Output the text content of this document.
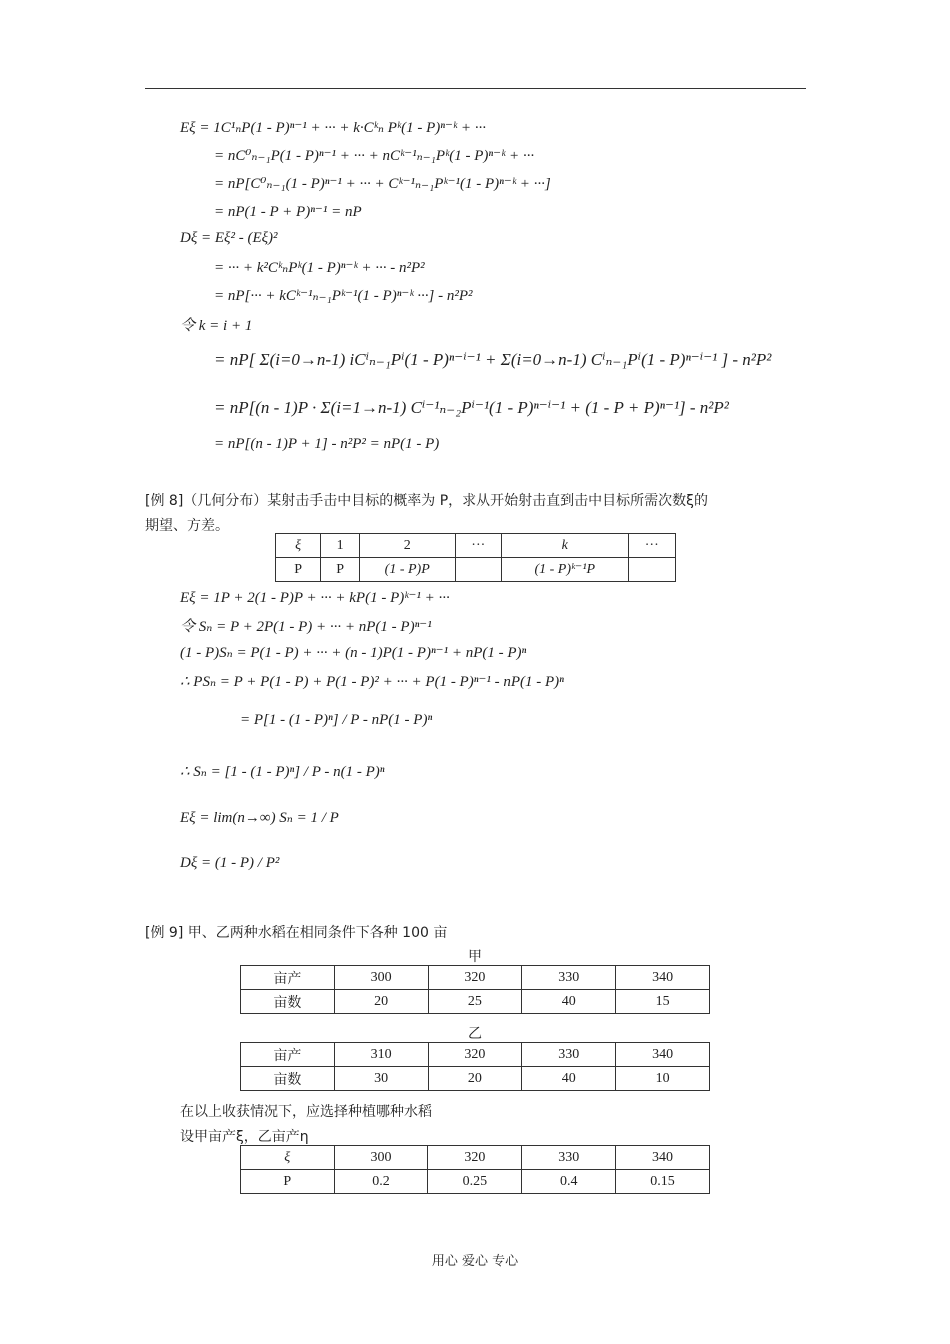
Eξ = 1C¹ₙP(1 - P)ⁿ⁻¹ + ··· + k·Cᵏₙ Pᵏ(1 - P)ⁿ⁻ᵏ + ···
= nC⁰ₙ₋₁P(1 - P)ⁿ⁻¹ + ··· + nCᵏ⁻¹ₙ₋₁Pᵏ(1 - P)ⁿ⁻ᵏ + ···
= nP[C⁰ₙ₋₁(1 - P)ⁿ⁻¹ + ··· + Cᵏ⁻¹ₙ₋₁Pᵏ⁻¹(1 - P)ⁿ⁻ᵏ + ···]
= nP(1 - P + P)ⁿ⁻¹ = nP
Dξ = Eξ² - (Eξ)²
= ··· + k²CᵏₙPᵏ(1 - P)ⁿ⁻ᵏ + ··· - n²P²
= nP[··· + kCᵏ⁻¹ₙ₋₁Pᵏ⁻¹(1 - P)ⁿ⁻ᵏ ···] - n²P²
令 k = i + 1
= nP[ Σ(i=0→n-1) iCⁱₙ₋₁Pⁱ(1 - P)ⁿ⁻ⁱ⁻¹ + Σ(i=0→n-1) Cⁱₙ₋₁Pⁱ(1 - P)ⁿ⁻ⁱ⁻¹ ] - n²P²
= nP[(n - 1)P · Σ(i=1→n-1) Cⁱ⁻¹ₙ₋₂Pⁱ⁻¹(1 - P)ⁿ⁻ⁱ⁻¹ + (1 - P + P)ⁿ⁻¹] - n²P²
= nP[(n - 1)P + 1] - n²P² = nP(1 - P)
[例 8]（几何分布）某射击手击中目标的概率为 P，求从开始射击直到击中目标所需次数ξ的
期望、方差。
ξ	1	2	···	k	···
P	P	(1 - P)P		(1 - P)ᵏ⁻¹P	
Eξ = 1P + 2(1 - P)P + ··· + kP(1 - P)ᵏ⁻¹ + ···
令 Sₙ = P + 2P(1 - P) + ··· + nP(1 - P)ⁿ⁻¹
(1 - P)Sₙ = P(1 - P) + ··· + (n - 1)P(1 - P)ⁿ⁻¹ + nP(1 - P)ⁿ
∴ PSₙ = P + P(1 - P) + P(1 - P)² + ··· + P(1 - P)ⁿ⁻¹ - nP(1 - P)ⁿ
= P[1 - (1 - P)ⁿ] / P - nP(1 - P)ⁿ
∴ Sₙ = [1 - (1 - P)ⁿ] / P - n(1 - P)ⁿ
Eξ = lim(n→∞) Sₙ = 1 / P
Dξ = (1 - P) / P²
[例 9] 甲、乙两种水稻在相同条件下各种 100 亩
甲
亩产	300	320	330	340
亩数	20	25	40	15
乙
亩产	310	320	330	340
亩数	30	20	40	10
在以上收获情况下，应选择种植哪种水稻
设甲亩产ξ，乙亩产η
ξ	300	320	330	340
P	0.2	0.25	0.4	0.15
用心 爱心 专心
